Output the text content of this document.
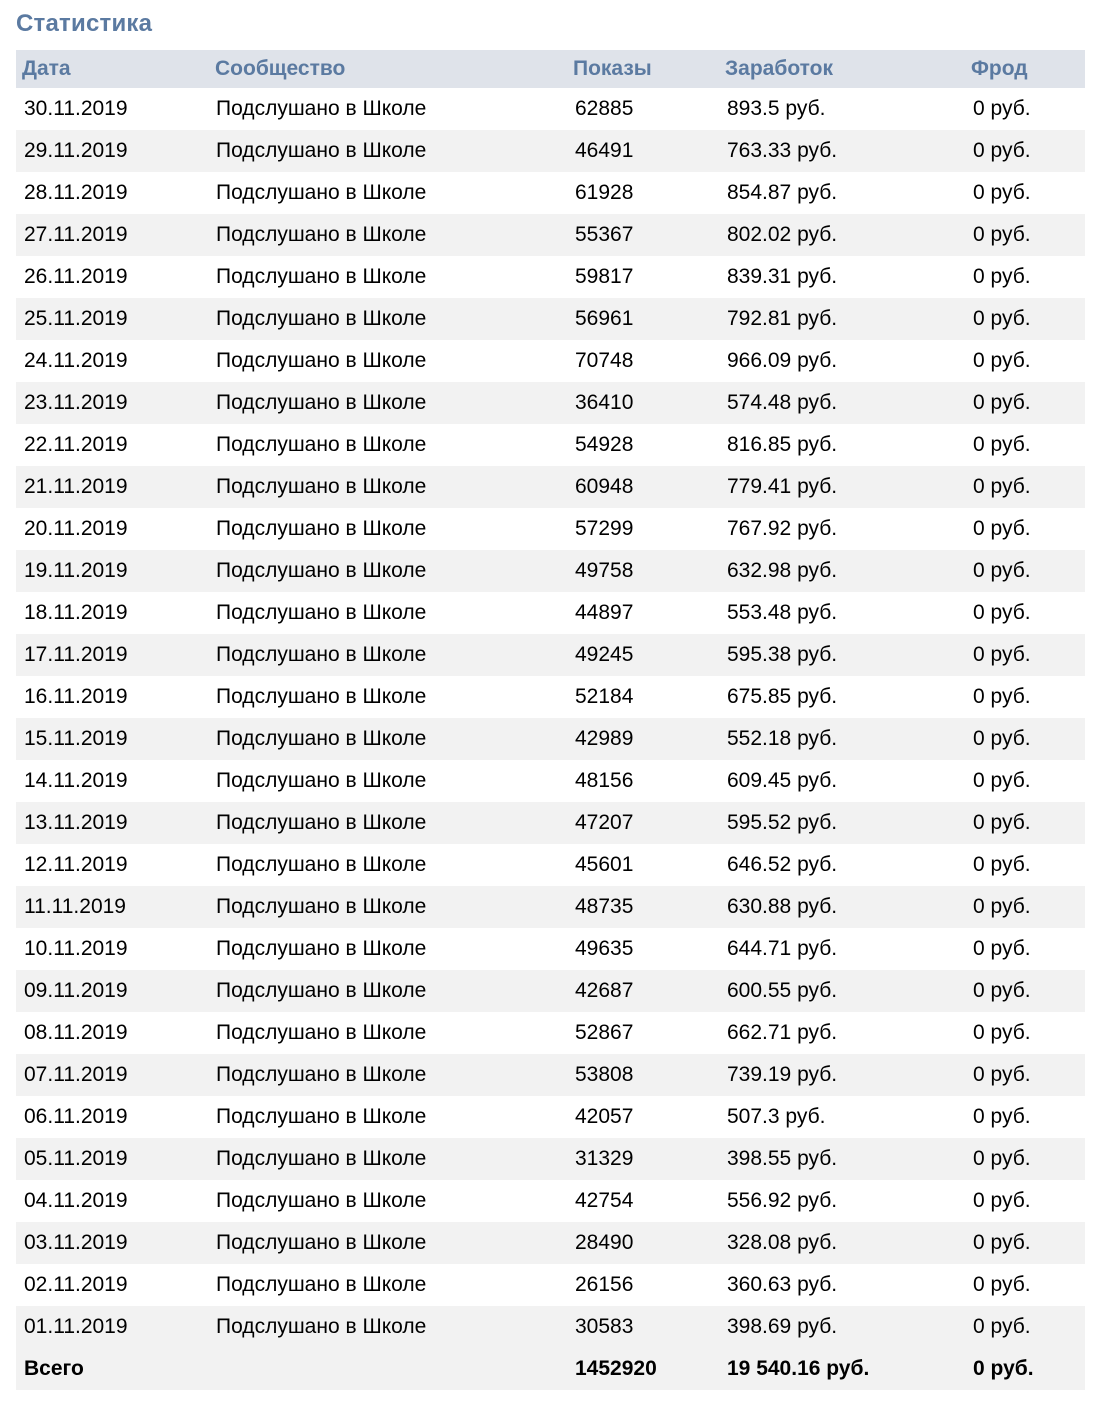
Статистика
Дата	Сообщество	Показы	Заработок	Фрод
30.11.2019	Подслушано в Школе	62885	893.5 руб.	0 руб.
29.11.2019	Подслушано в Школе	46491	763.33 руб.	0 руб.
28.11.2019	Подслушано в Школе	61928	854.87 руб.	0 руб.
27.11.2019	Подслушано в Школе	55367	802.02 руб.	0 руб.
26.11.2019	Подслушано в Школе	59817	839.31 руб.	0 руб.
25.11.2019	Подслушано в Школе	56961	792.81 руб.	0 руб.
24.11.2019	Подслушано в Школе	70748	966.09 руб.	0 руб.
23.11.2019	Подслушано в Школе	36410	574.48 руб.	0 руб.
22.11.2019	Подслушано в Школе	54928	816.85 руб.	0 руб.
21.11.2019	Подслушано в Школе	60948	779.41 руб.	0 руб.
20.11.2019	Подслушано в Школе	57299	767.92 руб.	0 руб.
19.11.2019	Подслушано в Школе	49758	632.98 руб.	0 руб.
18.11.2019	Подслушано в Школе	44897	553.48 руб.	0 руб.
17.11.2019	Подслушано в Школе	49245	595.38 руб.	0 руб.
16.11.2019	Подслушано в Школе	52184	675.85 руб.	0 руб.
15.11.2019	Подслушано в Школе	42989	552.18 руб.	0 руб.
14.11.2019	Подслушано в Школе	48156	609.45 руб.	0 руб.
13.11.2019	Подслушано в Школе	47207	595.52 руб.	0 руб.
12.11.2019	Подслушано в Школе	45601	646.52 руб.	0 руб.
11.11.2019	Подслушано в Школе	48735	630.88 руб.	0 руб.
10.11.2019	Подслушано в Школе	49635	644.71 руб.	0 руб.
09.11.2019	Подслушано в Школе	42687	600.55 руб.	0 руб.
08.11.2019	Подслушано в Школе	52867	662.71 руб.	0 руб.
07.11.2019	Подслушано в Школе	53808	739.19 руб.	0 руб.
06.11.2019	Подслушано в Школе	42057	507.3 руб.	0 руб.
05.11.2019	Подслушано в Школе	31329	398.55 руб.	0 руб.
04.11.2019	Подслушано в Школе	42754	556.92 руб.	0 руб.
03.11.2019	Подслушано в Школе	28490	328.08 руб.	0 руб.
02.11.2019	Подслушано в Школе	26156	360.63 руб.	0 руб.
01.11.2019	Подслушано в Школе	30583	398.69 руб.	0 руб.
Всего		1452920	19 540.16 руб.	0 руб.
